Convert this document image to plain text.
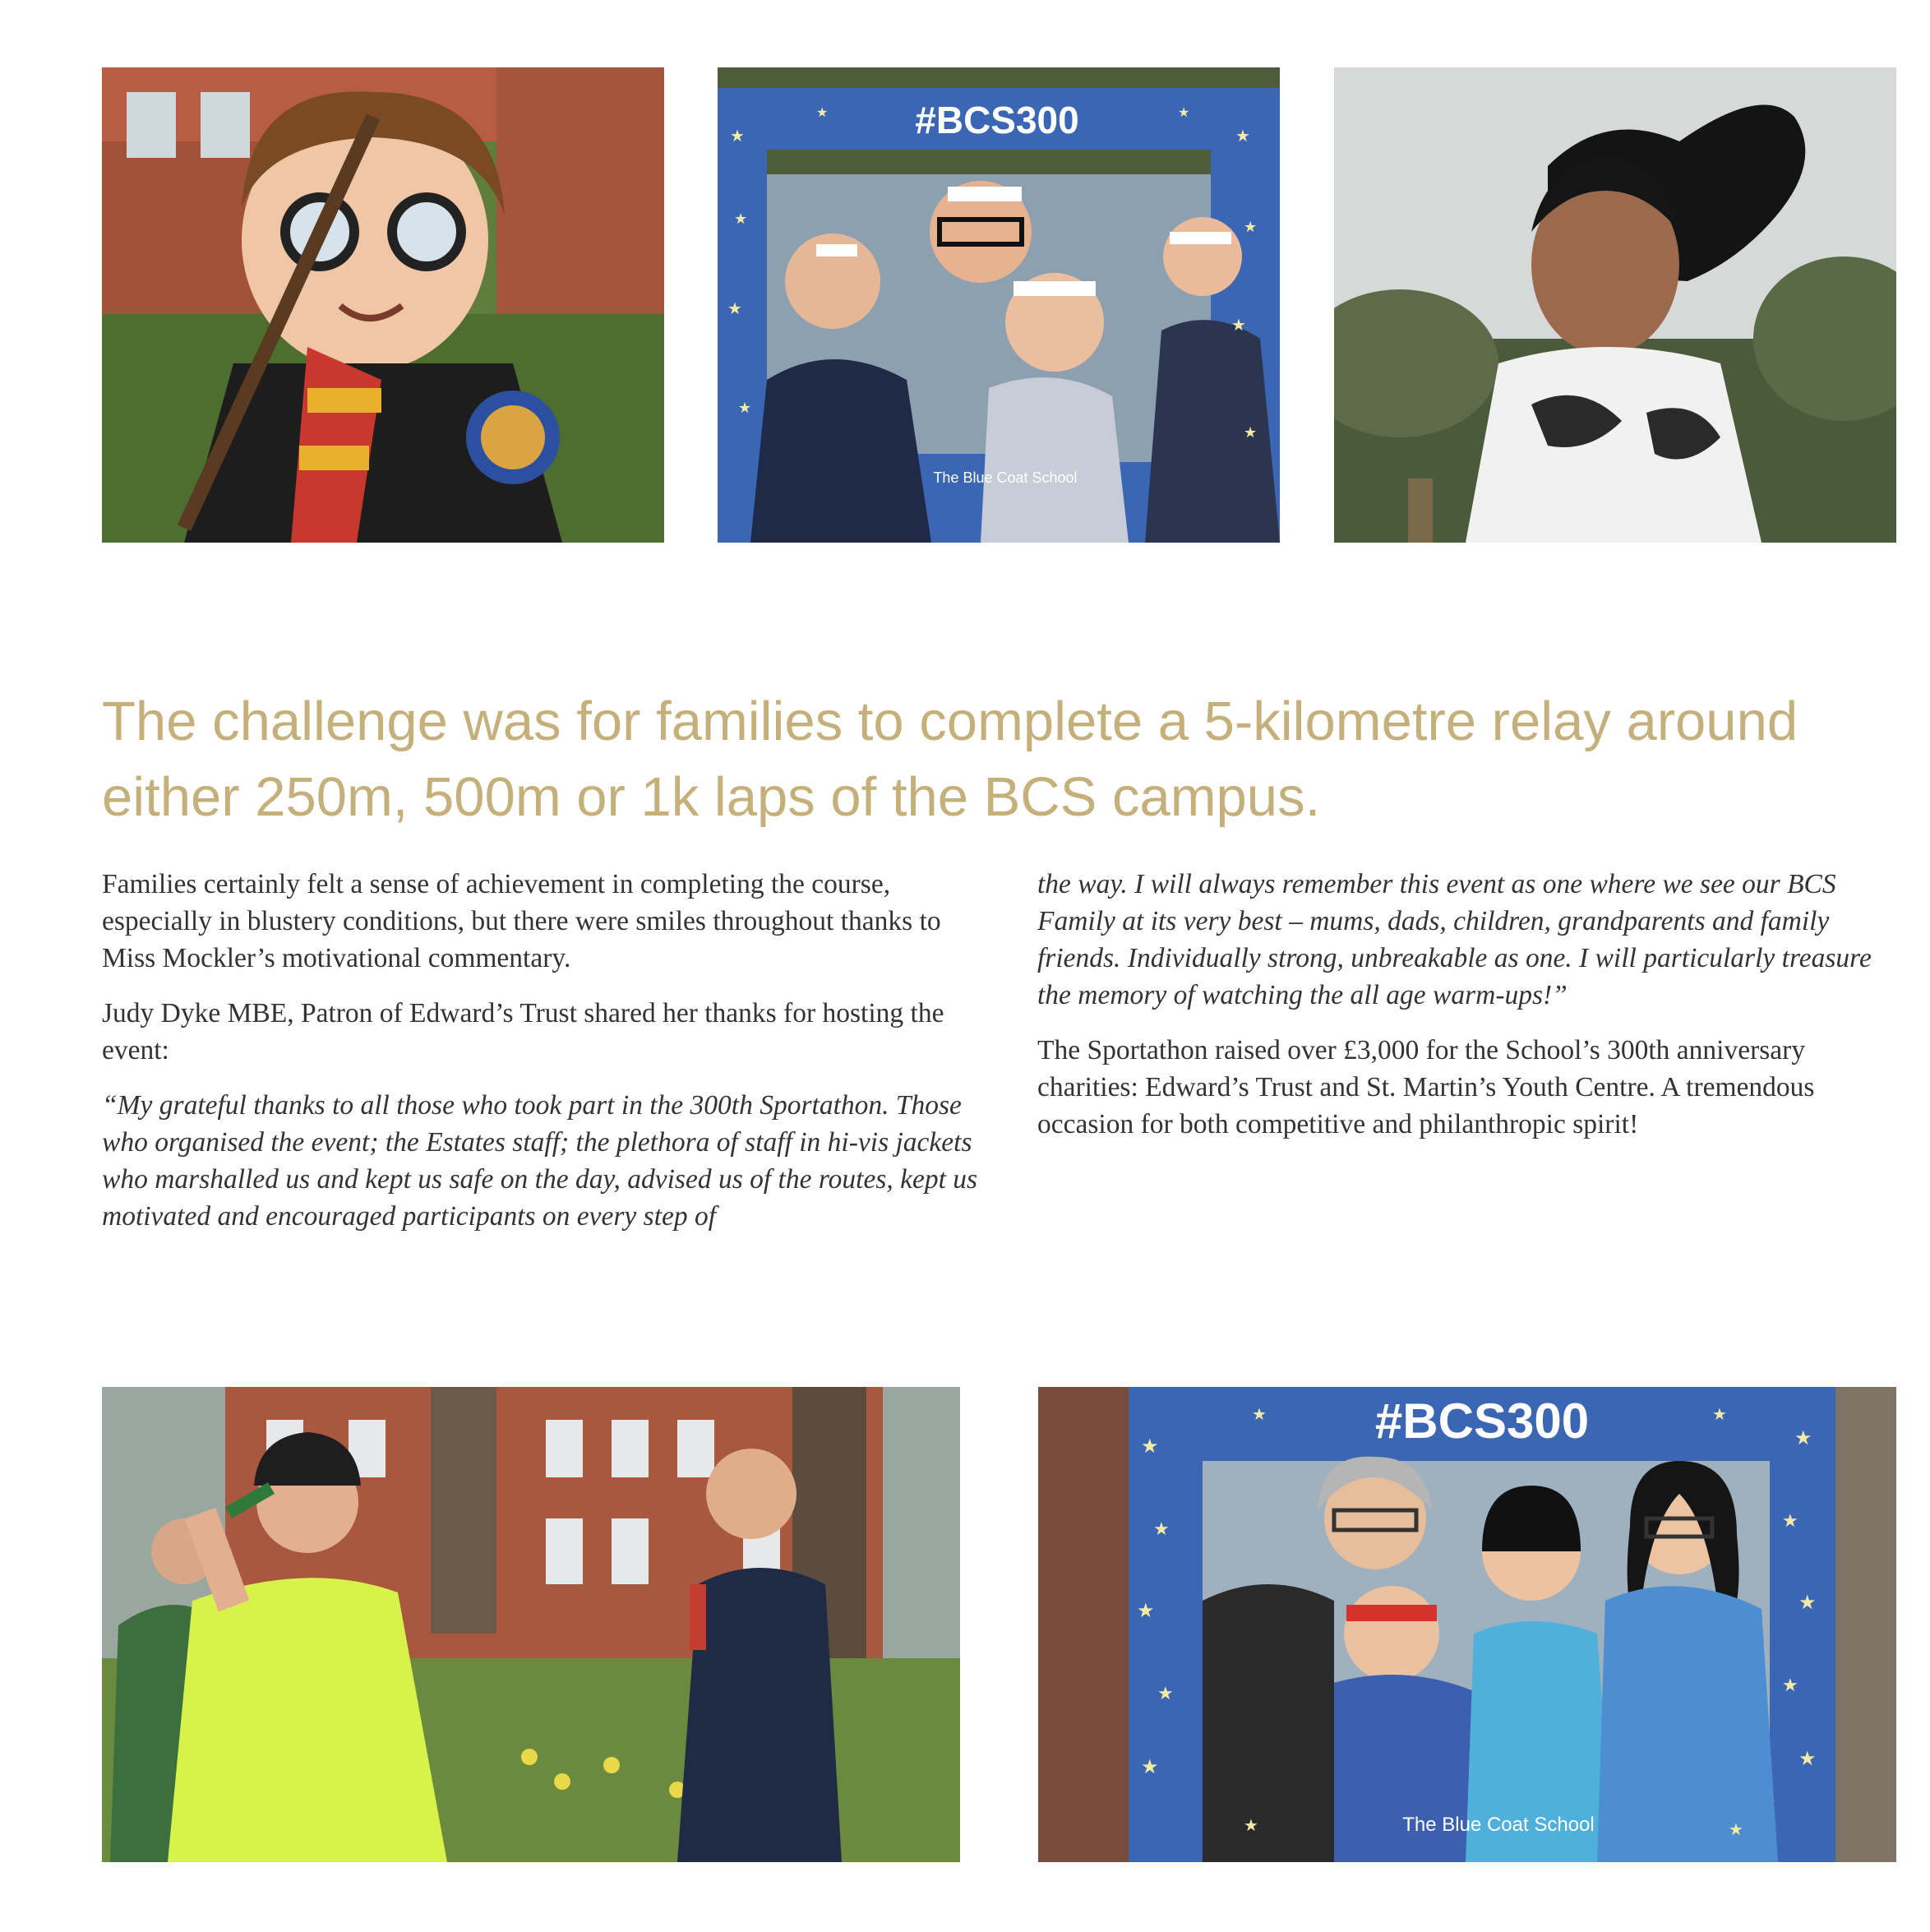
#BCS300
The Blue Coat School
★
★
★
★
★
★
★
★
★	★
The challenge was for families to complete a 5-kilometre relay around either 250m, 500m or 1k laps of the BCS campus.

Families certainly felt a sense of achievement in completing the course, especially in blustery conditions, but there were smiles throughout thanks to Miss Mockler’s motivational commentary.

Judy Dyke MBE, Patron of Edward’s Trust shared her thanks for hosting the event:

“My grateful thanks to all those who took part in the 300th Sportathon. Those who organised the event; the Estates staff; the plethora of staff in hi-vis jackets who marshalled us and kept us safe on the day, advised us of the routes, kept us motivated and encouraged participants on every step of

the way. I will always remember this event as one where we see our BCS Family at its very best – mums, dads, children, grandparents and family friends. Individually strong, unbreakable as one. I will particularly treasure the memory of watching the all age warm-ups!”

The Sportathon raised over £3,000 for the School’s 300th anniversary charities: Edward’s Trust and St. Martin’s Youth Centre. A tremendous occasion for both competitive and philanthropic spirit!

#BCS300
The Blue Coat School
★
★
★
★
★
★
★
★
★
★
★	★
★	★
